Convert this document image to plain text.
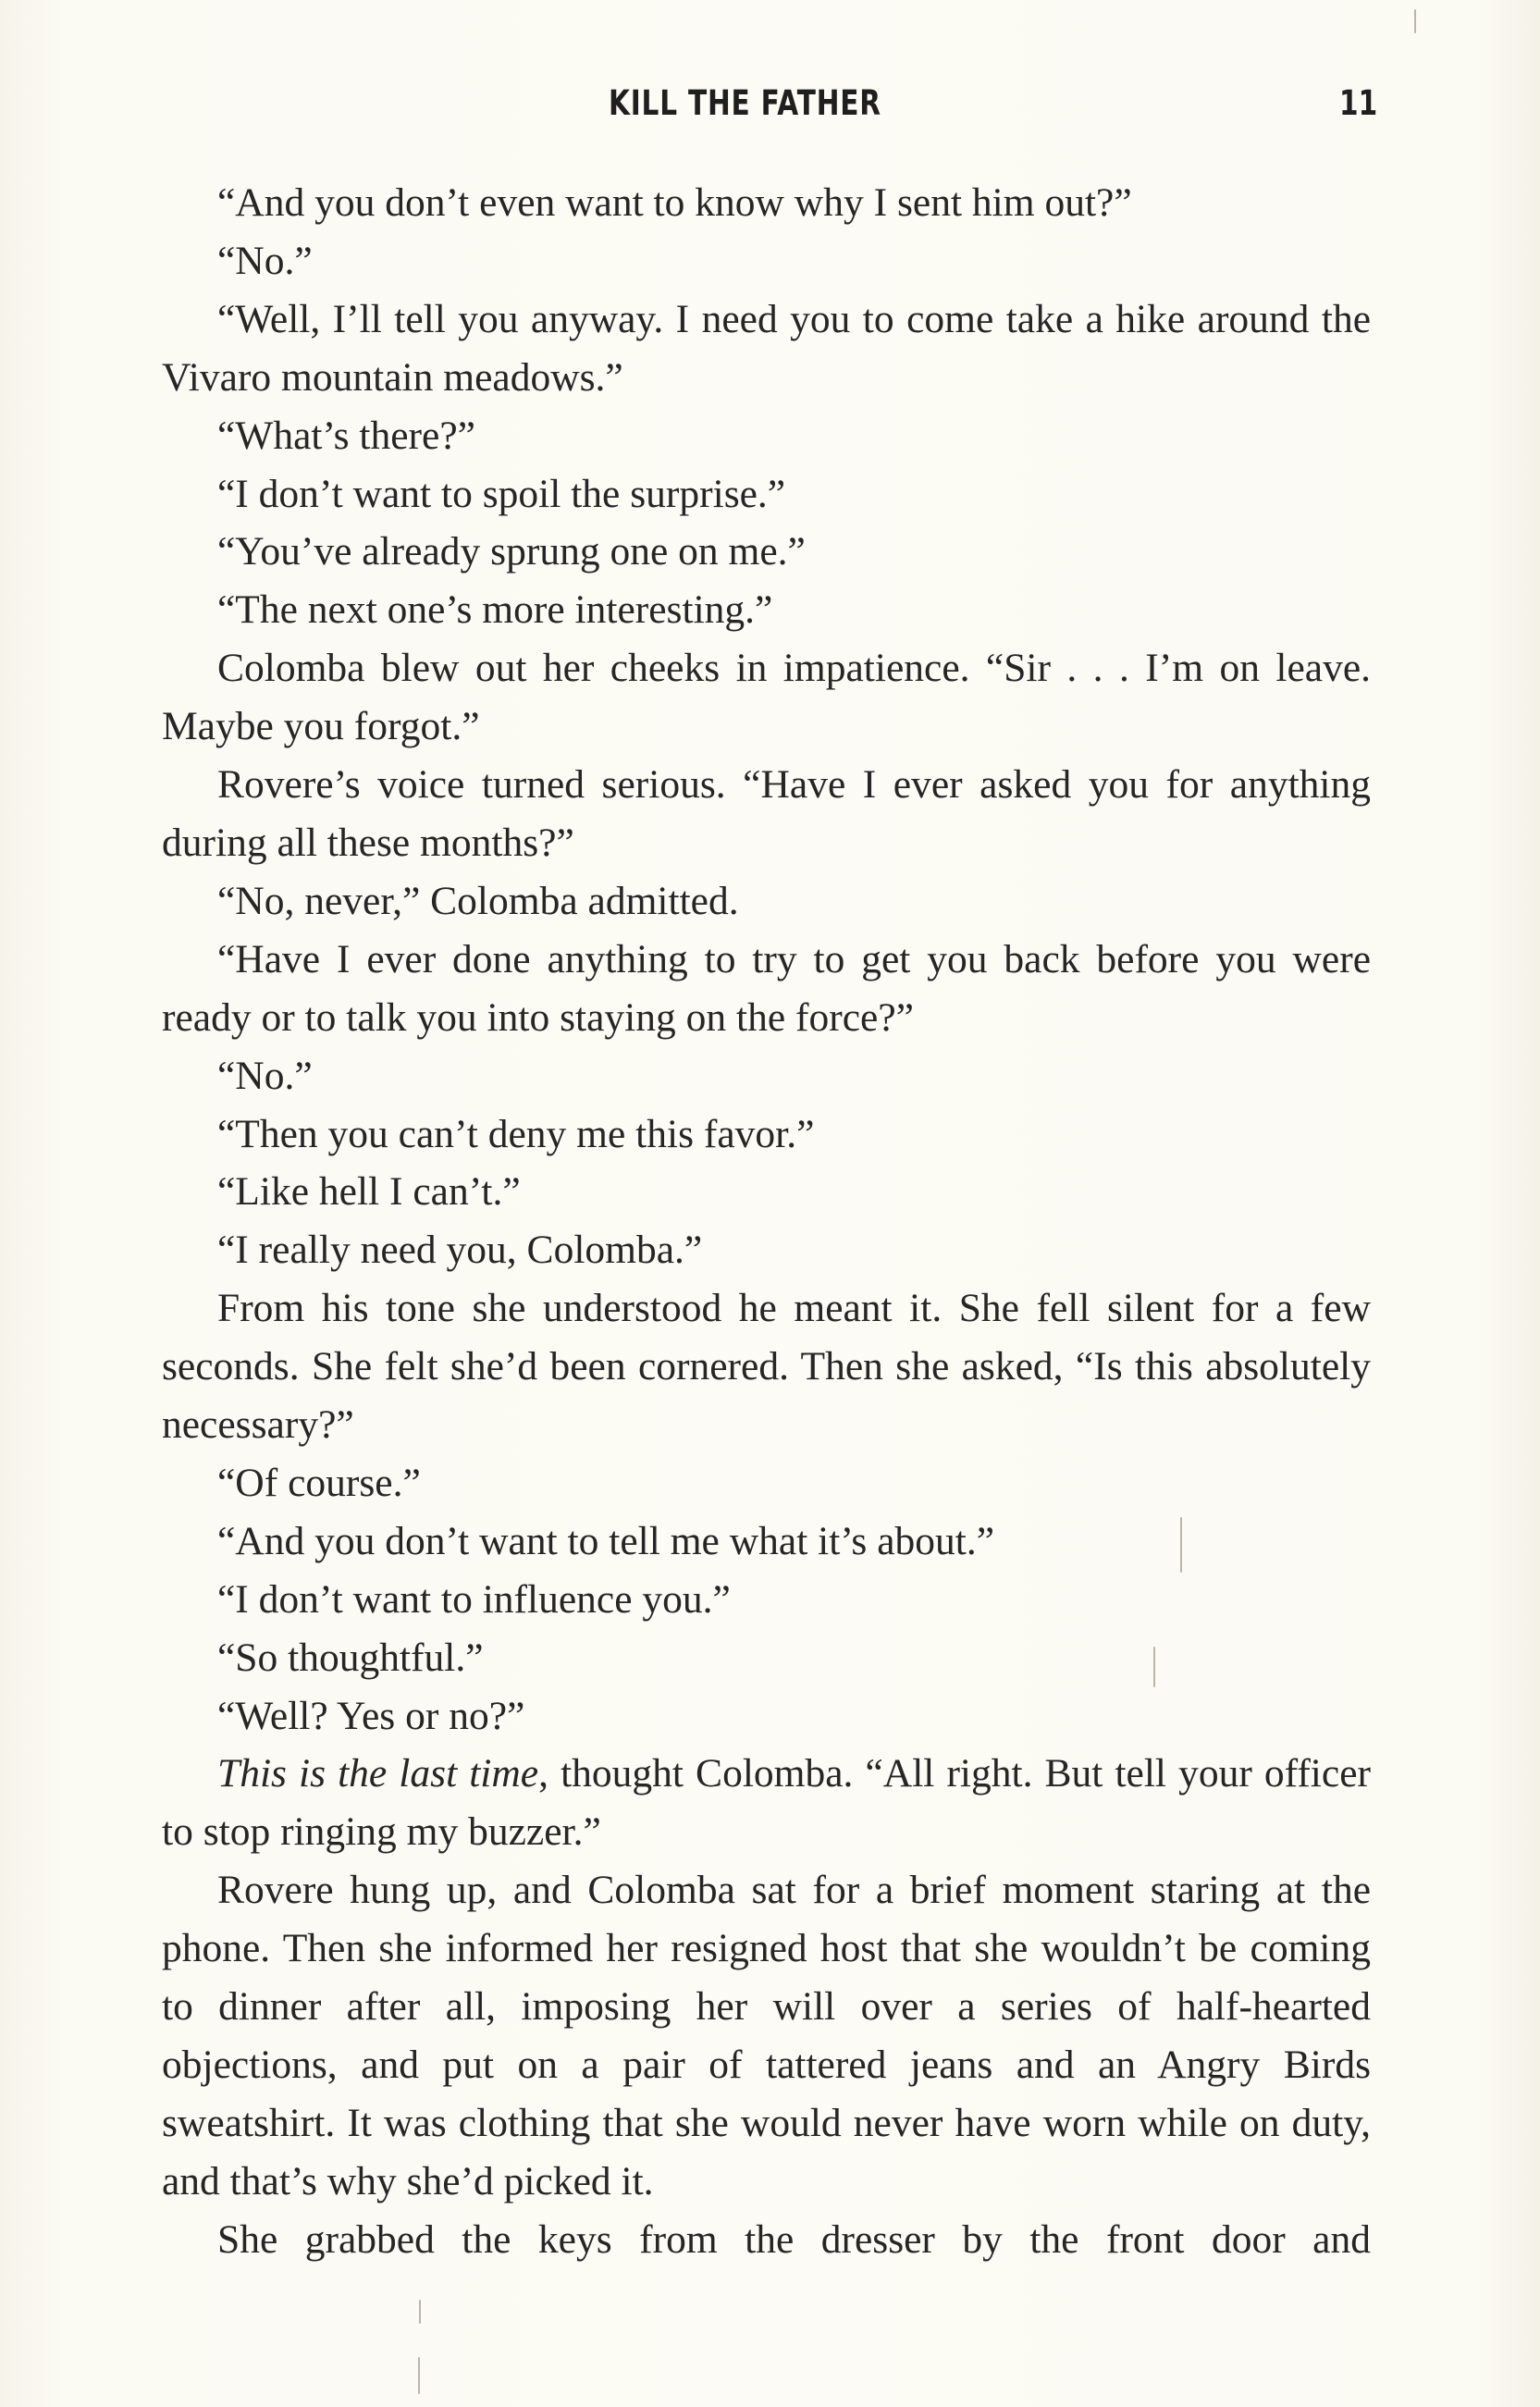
KILL THE FATHER	11

“And you don’t even want to know why I sent him out?”

“No.”

“Well, I’ll tell you anyway. I need you to come take a hike around the Vivaro mountain meadows.”

“What’s there?”

“I don’t want to spoil the surprise.”

“You’ve already sprung one on me.”

“The next one’s more interesting.”

Colomba blew out her cheeks in impatience. “Sir . . . I’m on leave. Maybe you forgot.”

Rovere’s voice turned serious. “Have I ever asked you for anything during all these months?”

“No, never,” Colomba admitted.

“Have I ever done anything to try to get you back before you were ready or to talk you into staying on the force?”

“No.”

“Then you can’t deny me this favor.”

“Like hell I can’t.”

“I really need you, Colomba.”

From his tone she understood he meant it. She fell silent for a few seconds. She felt she’d been cornered. Then she asked, “Is this absolutely necessary?”

“Of course.”

“And you don’t want to tell me what it’s about.”

“I don’t want to influence you.”

“So thoughtful.”

“Well? Yes or no?”

This is the last time, thought Colomba. “All right. But tell your officer to stop ringing my buzzer.”

Rovere hung up, and Colomba sat for a brief moment staring at the phone. Then she informed her resigned host that she wouldn’t be coming to dinner after all, imposing her will over a series of half-hearted objections, and put on a pair of tattered jeans and an Angry Birds sweatshirt. It was clothing that she would never have worn while on duty, and that’s why she’d picked it.

She grabbed the keys from the dresser by the front door and
